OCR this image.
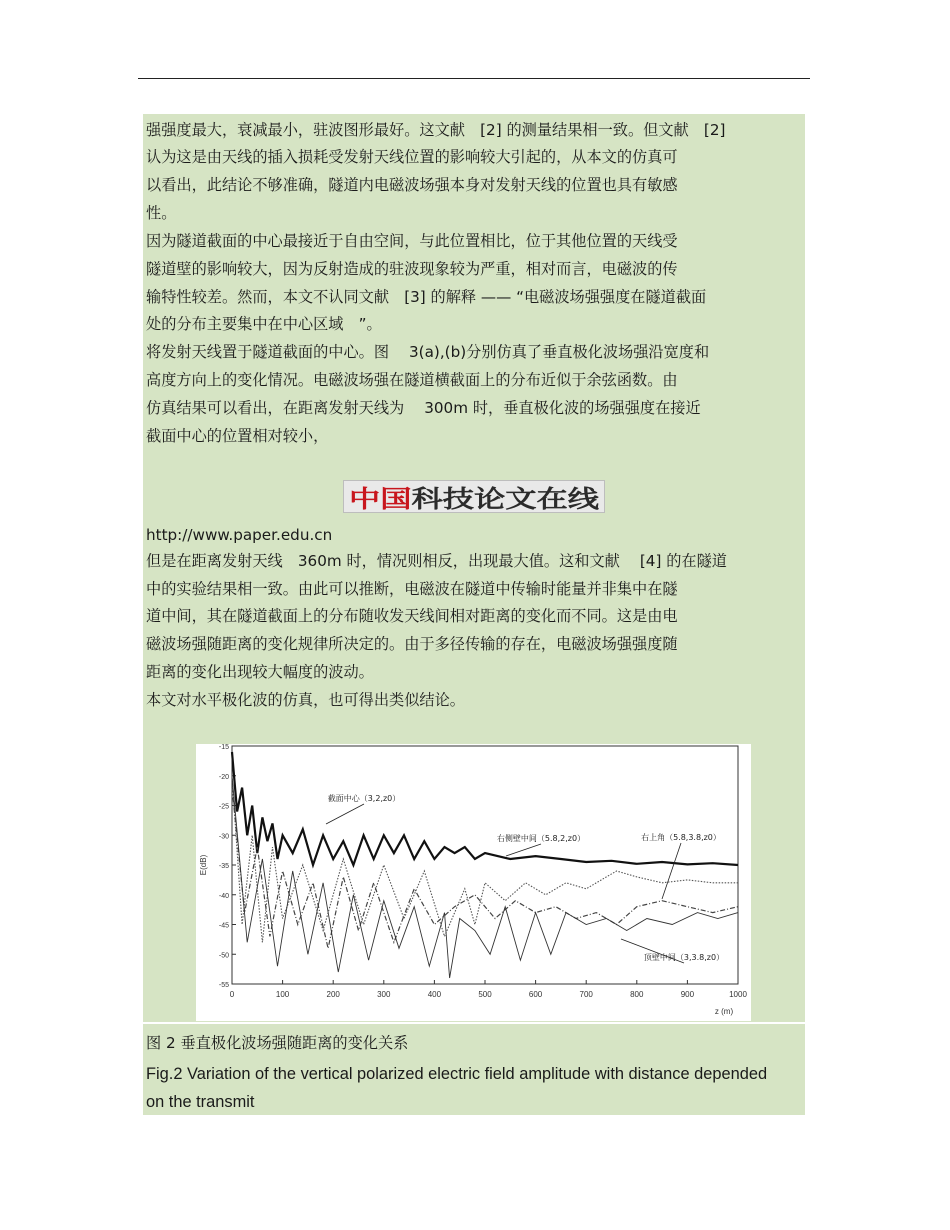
强强度最大，衰减最小，驻波图形最好。这文献　[2] 的测量结果相一致。但文献　[2]
认为这是由天线的插入损耗受发射天线位置的影响较大引起的，从本文的仿真可
以看出，此结论不够准确，隧道内电磁波场强本身对发射天线的位置也具有敏感
性。
因为隧道截面的中心最接近于自由空间，与此位置相比，位于其他位置的天线受
隧道壁的影响较大，因为反射造成的驻波现象较为严重，相对而言，电磁波的传
输特性较差。然而，本文不认同文献　[3] 的解释 —— “电磁波场强强度在隧道截面
处的分布主要集中在中心区域　”。
将发射天线置于隧道截面的中心。图　 3(a),(b)分别仿真了垂直极化波场强沿宽度和
高度方向上的变化情况。电磁波场强在隧道横截面上的分布近似于余弦函数。由
仿真结果可以看出，在距离发射天线为　 300m 时，垂直极化波的场强强度在接近
截面中心的位置相对较小，
http://www.paper.edu.cn
但是在距离发射天线　360m 时，情况则相反，出现最大值。这和文献　 [4] 的在隧道
中的实验结果相一致。由此可以推断，电磁波在隧道中传输时能量并非集中在隧
道中间，其在隧道截面上的分布随收发天线间相对距离的变化而不同。这是由电
磁波场强随距离的变化规律所决定的。由于多径传输的存在，电磁波场强强度随
距离的变化出现较大幅度的波动。
本文对水平极化波的仿真，也可得出类似结论。
中 国 科 技 论 文 在 线
0	100	200	300	400	500	600	700	800	900	1000
-15
-20
-25
-30
-35
-40
-45
-50
-55
z (m)
E(dB)
截面中心（3,2,z0）
右侧壁中间（5.8,2,z0）	右上角（5.8,3.8,z0）
顶壁中间（3,3.8,z0）
图 2 垂直极化波场强随距离的变化关系
Fig.2 Variation of the vertical polarized electric field amplitude with distance depended
on the transmit
